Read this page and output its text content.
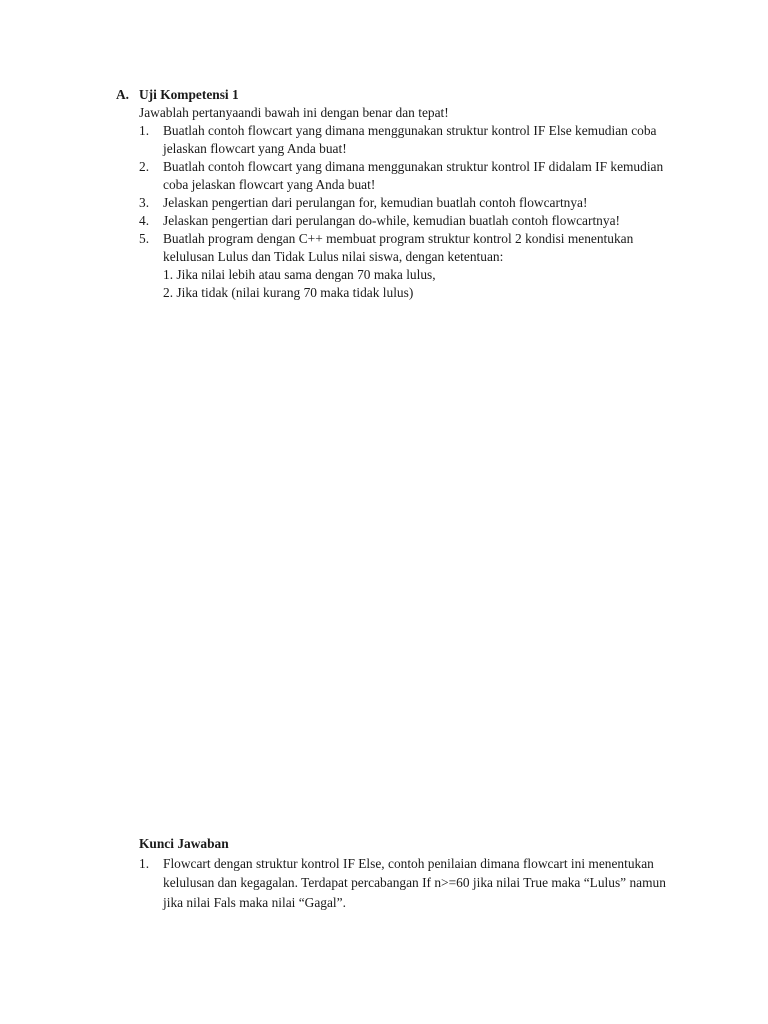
A. Uji Kompetensi 1
Jawablah pertanyaandi bawah ini dengan benar dan tepat!
1.	Buatlah contoh flowcart yang dimana menggunakan struktur kontrol IF Else kemudian coba jelaskan flowcart yang Anda buat!
2.	Buatlah contoh flowcart yang dimana menggunakan struktur kontrol IF didalam IF kemudian coba jelaskan flowcart yang Anda buat!
3.	Jelaskan pengertian dari perulangan for, kemudian buatlah contoh flowcartnya!
4.	Jelaskan pengertian dari perulangan do-while, kemudian buatlah contoh flowcartnya!
5.	Buatlah program dengan C++ membuat program struktur kontrol 2 kondisi menentukan kelulusan Lulus dan Tidak Lulus nilai siswa, dengan ketentuan:
1. Jika nilai lebih atau sama dengan 70 maka lulus,
2. Jika tidak (nilai kurang 70 maka tidak lulus)
Kunci Jawaban
1.	Flowcart dengan struktur kontrol IF Else, contoh penilaian dimana flowcart ini menentukan kelulusan dan kegagalan. Terdapat percabangan If n>=60 jika nilai True maka “Lulus” namun jika nilai Fals maka nilai “Gagal”.
